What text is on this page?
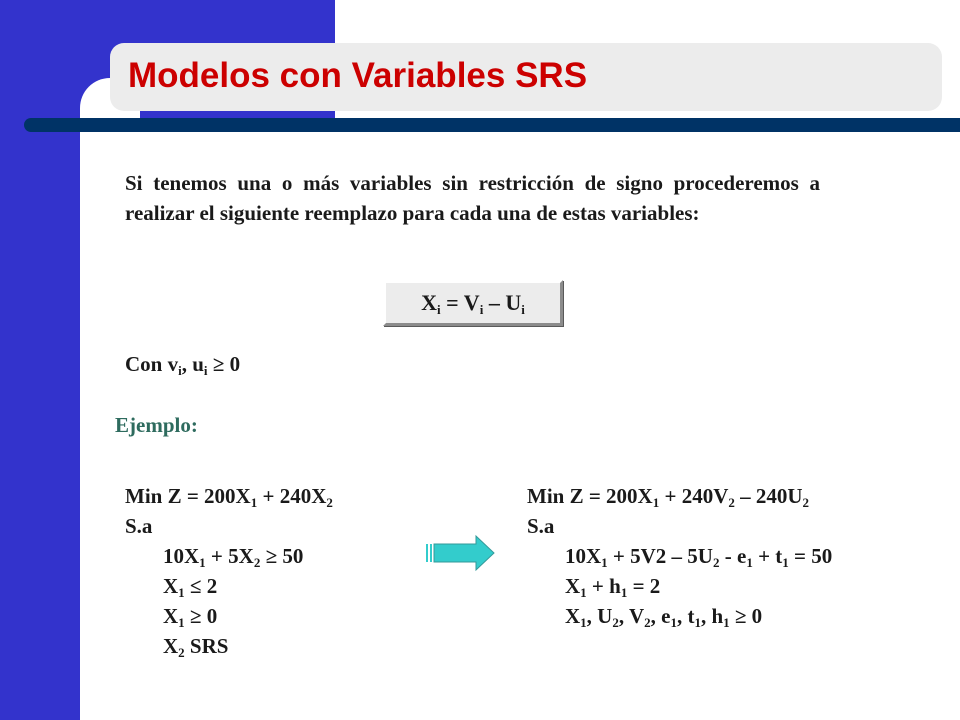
Modelos con Variables SRS

Si tenemos una o más variables sin restricción de signo procederemos a realizar el siguiente reemplazo para cada una de estas variables:

$X_i = V_i - U_i$
Con $v_i$, $u_i \ge 0$

Ejemplo:

Min $Z = 200X_1 + 240X_2$
S.a
$10X_1 + 5X_2 \ge 50$
$X_1 \le 2$
$X_1 \ge 0$
$X_2$ SRS
Min $Z = 200X_1 + 240V_2 - 240U_2$
S.a
$10X_1 + 5V2 - 5U_2 - e_1 + t_1 = 50$
$X_1 + h_1 = 2$
$X_1$, $U_2$, $V_2$, $e_1$, $t_1$, $h_1 \ge 0$
